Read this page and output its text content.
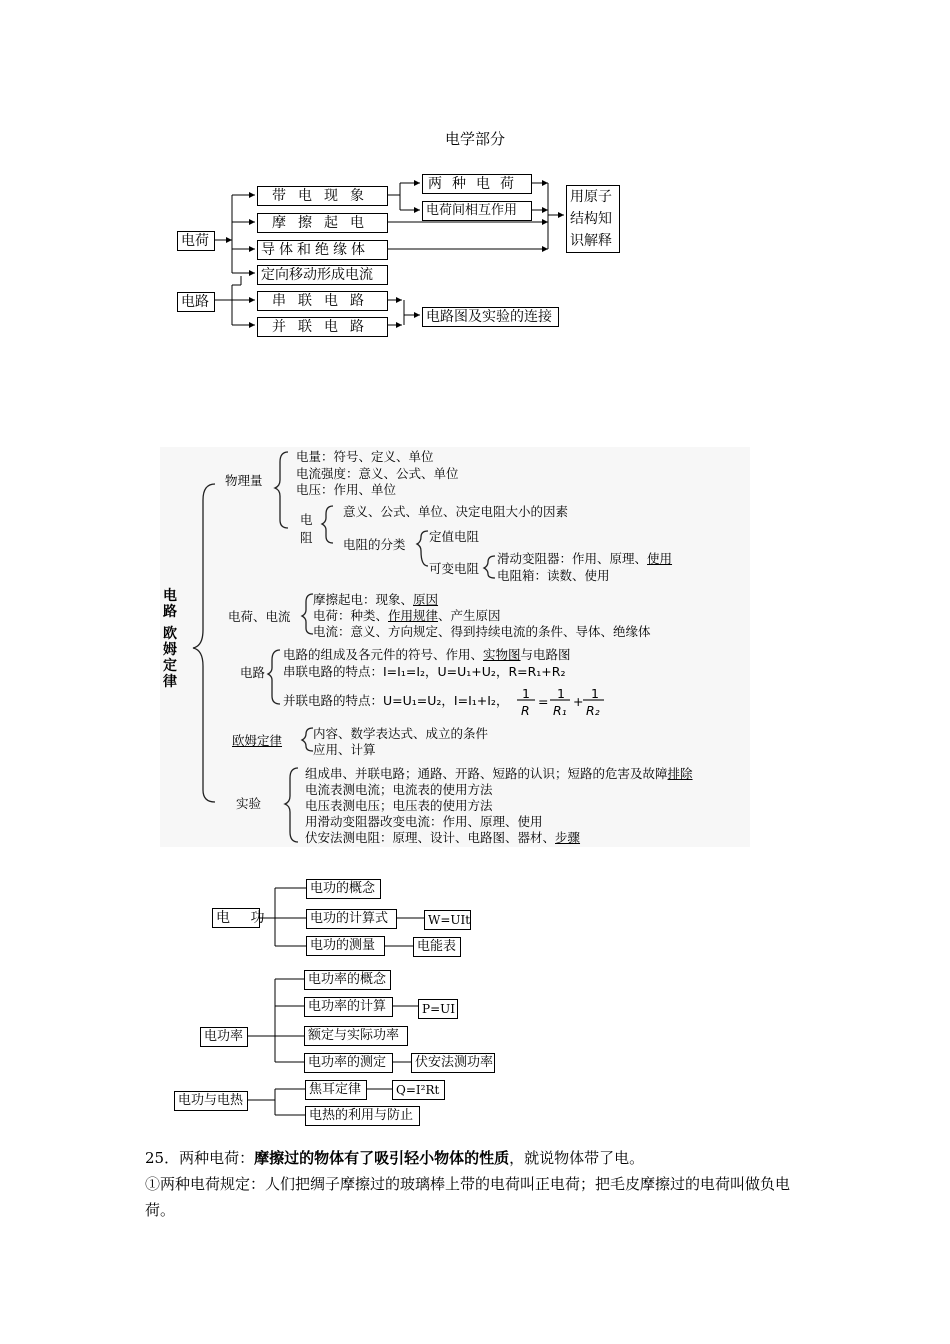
电学部分
电荷
电路
带电现象
摩擦起电
导体和绝缘体
定向移动形成电流
串联电路
并联电路
两种电荷
电荷间相互作用
用原子
结构知
识解释
电路图及实验的连接
电路
欧姆定律
物理量
电量：符号、定义、单位
电流强度：意义、公式、单位
电压：作用、单位
电
阻
意义、公式、单位、决定电阻大小的因素
电阻的分类
定值电阻
可变电阻
滑动变阻器：作用、原理、使用
电阻箱：读数、使用
电荷、电流
摩擦起电：现象、原因
电荷：种类、作用规律、产生原因
电流：意义、方向规定、得到持续电流的条件、导体、绝缘体
电路
电路的组成及各元件的符号、作用、实物图与电路图
串联电路的特点：I=I₁=I₂，U=U₁+U₂，R=R₁+R₂
并联电路的特点：U=U₁=U₂，I=I₁+I₂， 1
R
=
1
R₁
+
1
R₂
欧姆定律 内容、数学表达式、成立的条件
应用、计算
实验
组成串、并联电路；通路、开路、短路的认识；短路的危害及故障排除
电流表测电流；电流表的使用方法
电压表测电压；电压表的使用方法
用滑动变阻器改变电流：作用、原理、使用
伏安法测电阻：原理、设计、电路图、器材、步骤
电 功
电功的概念
电功的计算式
电功的测量
W=UIt
电能表
电功率
电功率的概念
电功率的计算
额定与实际功率
电功率的测定
P=UI
伏安法测功率
电功与电热
焦耳定律
电热的利用与防止
Q=I²Rt
25．两种电荷：摩擦过的物体有了吸引轻小物体的性质，就说物体带了电。
①两种电荷规定：人们把绸子摩擦过的玻璃棒上带的电荷叫正电荷；把毛皮摩擦过的电荷叫做负电荷。
